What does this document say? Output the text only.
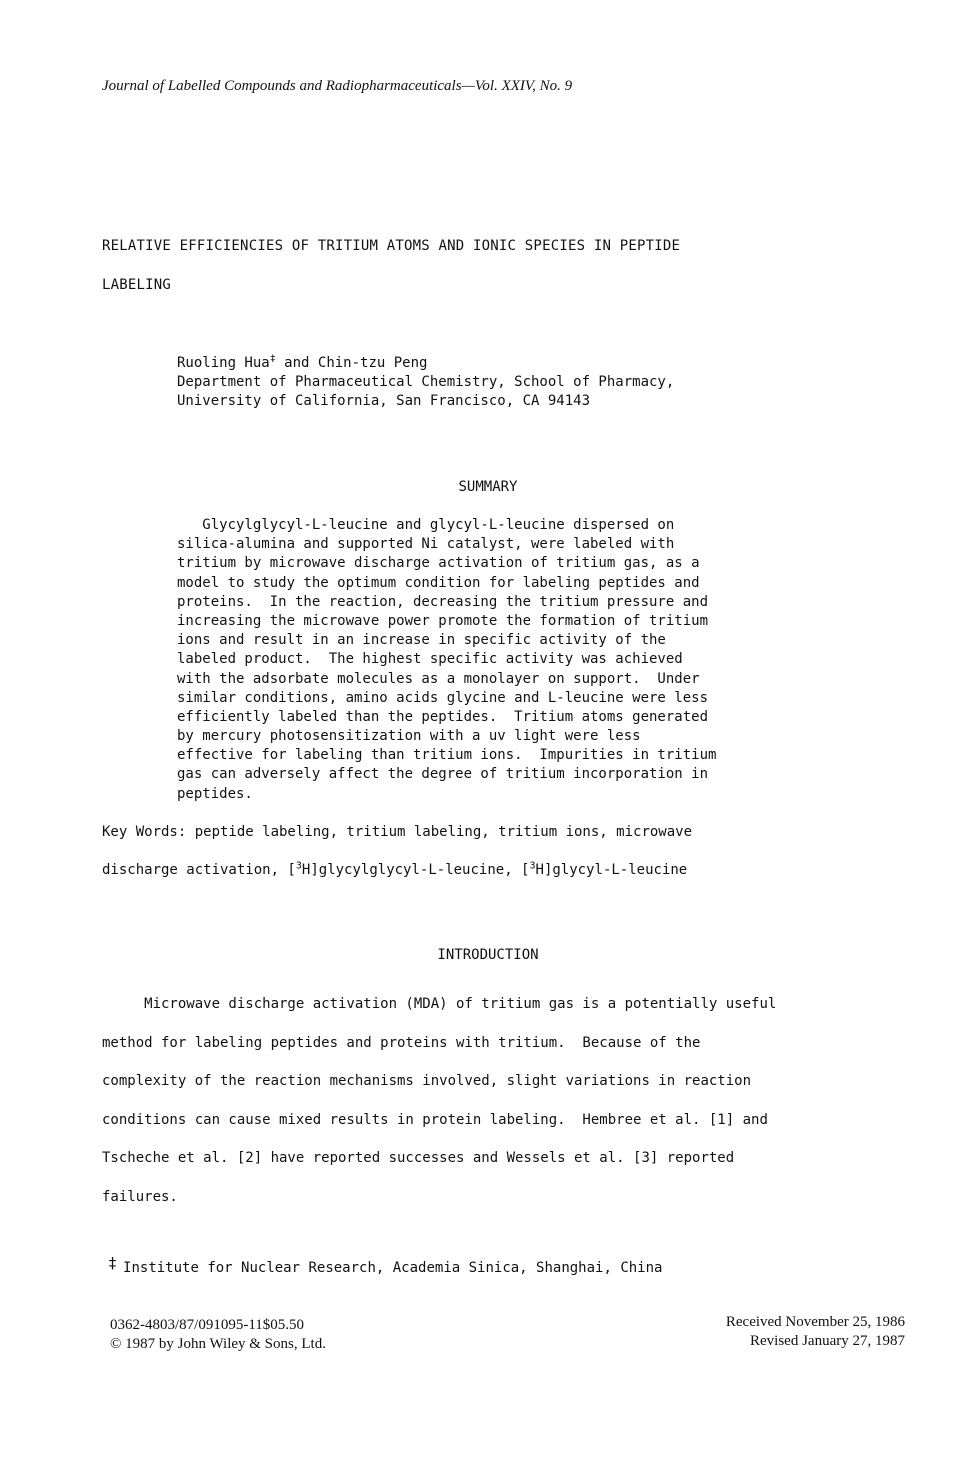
Journal of Labelled Compounds and Radiopharmaceuticals—Vol. XXIV, No. 9
RELATIVE EFFICIENCIES OF TRITIUM ATOMS AND IONIC SPECIES IN PEPTIDE
LABELING
Ruoling Hua‡ and Chin-tzu Peng
Department of Pharmaceutical Chemistry, School of Pharmacy,
University of California, San Francisco, CA 94143
SUMMARY
Glycylglycyl-L-leucine and glycyl-L-leucine dispersed on
silica-alumina and supported Ni catalyst, were labeled with
tritium by microwave discharge activation of tritium gas, as a
model to study the optimum condition for labeling peptides and
proteins.  In the reaction, decreasing the tritium pressure and
increasing the microwave power promote the formation of tritium
ions and result in an increase in specific activity of the
labeled product.  The highest specific activity was achieved
with the adsorbate molecules as a monolayer on support.  Under
similar conditions, amino acids glycine and L-leucine were less
efficiently labeled than the peptides.  Tritium atoms generated
by mercury photosensitization with a uv light were less
effective for labeling than tritium ions.  Impurities in tritium
gas can adversely affect the degree of tritium incorporation in
peptides.
Key Words: peptide labeling, tritium labeling, tritium ions, microwave
discharge activation, [$^3$H]glycylglycyl-L-leucine, [$^3$H]glycyl-L-leucine
INTRODUCTION
Microwave discharge activation (MDA) of tritium gas is a potentially useful
method for labeling peptides and proteins with tritium.  Because of the
complexity of the reaction mechanisms involved, slight variations in reaction
conditions can cause mixed results in protein labeling.  Hembree et al. [1] and
Tscheche et al. [2] have reported successes and Wessels et al. [3] reported
failures.
‡ Institute for Nuclear Research, Academia Sinica, Shanghai, China
0362-4803/87/091095-11$05.50
© 1987 by John Wiley & Sons, Ltd.
Received November 25, 1986
Revised January 27, 1987
